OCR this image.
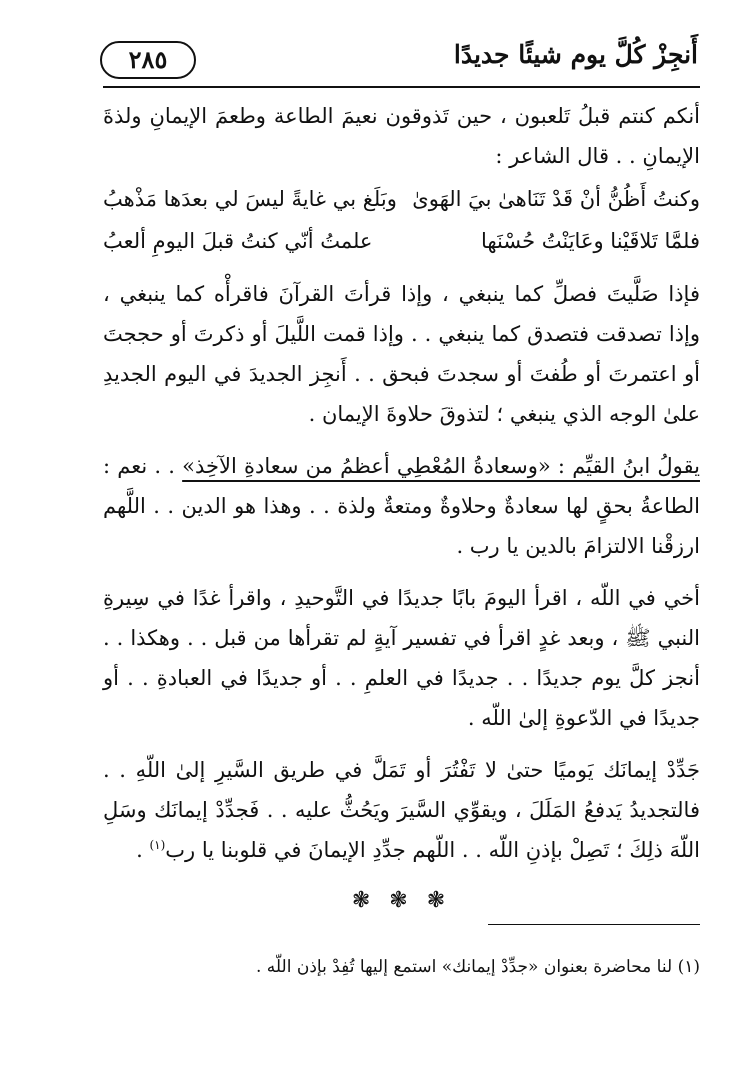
أَنجِزْ كُلَّ يوم شيئًا جديدًا
٢٨٥

أنكم كنتم قبلُ تَلعبون ، حين تَذوقون نعيمَ الطاعة وطعمَ الإيمانِ ولذةَ الإيمانِ . . قال الشاعر :

وكنتُ أَظُنُّ أنْ قَدْ تَنَاهىٰ بيَ الهَوىٰ
وبَلَغ بي غايةً ليسَ لي بعدَها مَذْهبُ
فلمَّا تَلاقَيْنا وعَايَنْتُ حُسْنَها
علمتُ أنّي كنتُ قبلَ اليومِ ألعبُ

فإذا صَلَّيتَ فصلِّ كما ينبغي ، وإذا قرأتَ القرآنَ فاقرأْه كما ينبغي ، وإذا تصدقت فتصدق كما ينبغي . . وإذا قمت اللَّيلَ أو ذكرتَ أو حججتَ أو اعتمرتَ أو طُفتَ أو سجدتَ فبحق . . أَنجِز الجديدَ في اليوم الجديدِ علىٰ الوجه الذي ينبغي ؛ لتذوقَ حلاوةَ الإيمان .

يقولُ ابنُ القيِّم : «وسعادةُ المُعْطِي أعظمُ من سعادةِ الآخِذ» . . نعم : الطاعةُ بحقٍ لها سعادةٌ وحلاوةٌ ومتعةٌ ولذة . . وهذا هو الدين . . اللَّهم ارزقْنا الالتزامَ بالدين يا رب .

أخي في اللّه ، اقرأ اليومَ بابًا جديدًا في التَّوحيدِ ، واقرأ غدًا في سِيرةِ النبي ﷺ ، وبعد غدٍ اقرأ في تفسير آيةٍ لم تقرأها من قبل . . وهكذا . . أنجز كلَّ يوم جديدًا . . جديدًا في العلمِ . . أو جديدًا في العبادةِ . . أو جديدًا في الدّعوةِ إلىٰ اللّه .

جَدِّدْ إيمانَك يَوميًا حتىٰ لا تَفْتُرَ أو تَمَلَّ في طريق السَّيرِ إلىٰ اللّهِ . . فالتجديدُ يَدفعُ المَلَلَ ، ويقوِّي السَّيرَ ويَحُثُّ عليه . . فَجدِّدْ إيمانَك وسَلِ اللّهَ ذلِكَ ؛ تَصِلْ بإذنِ اللّه . . اللّهم جدِّدِ الإيمانَ في قلوبنا يا رب$^{(١)}$ .

❃ ❃ ❃
(١) لنا محاضرة بعنوان «جدِّدْ إيمانك» استمع إليها تُفِدْ بإذن اللّه .
